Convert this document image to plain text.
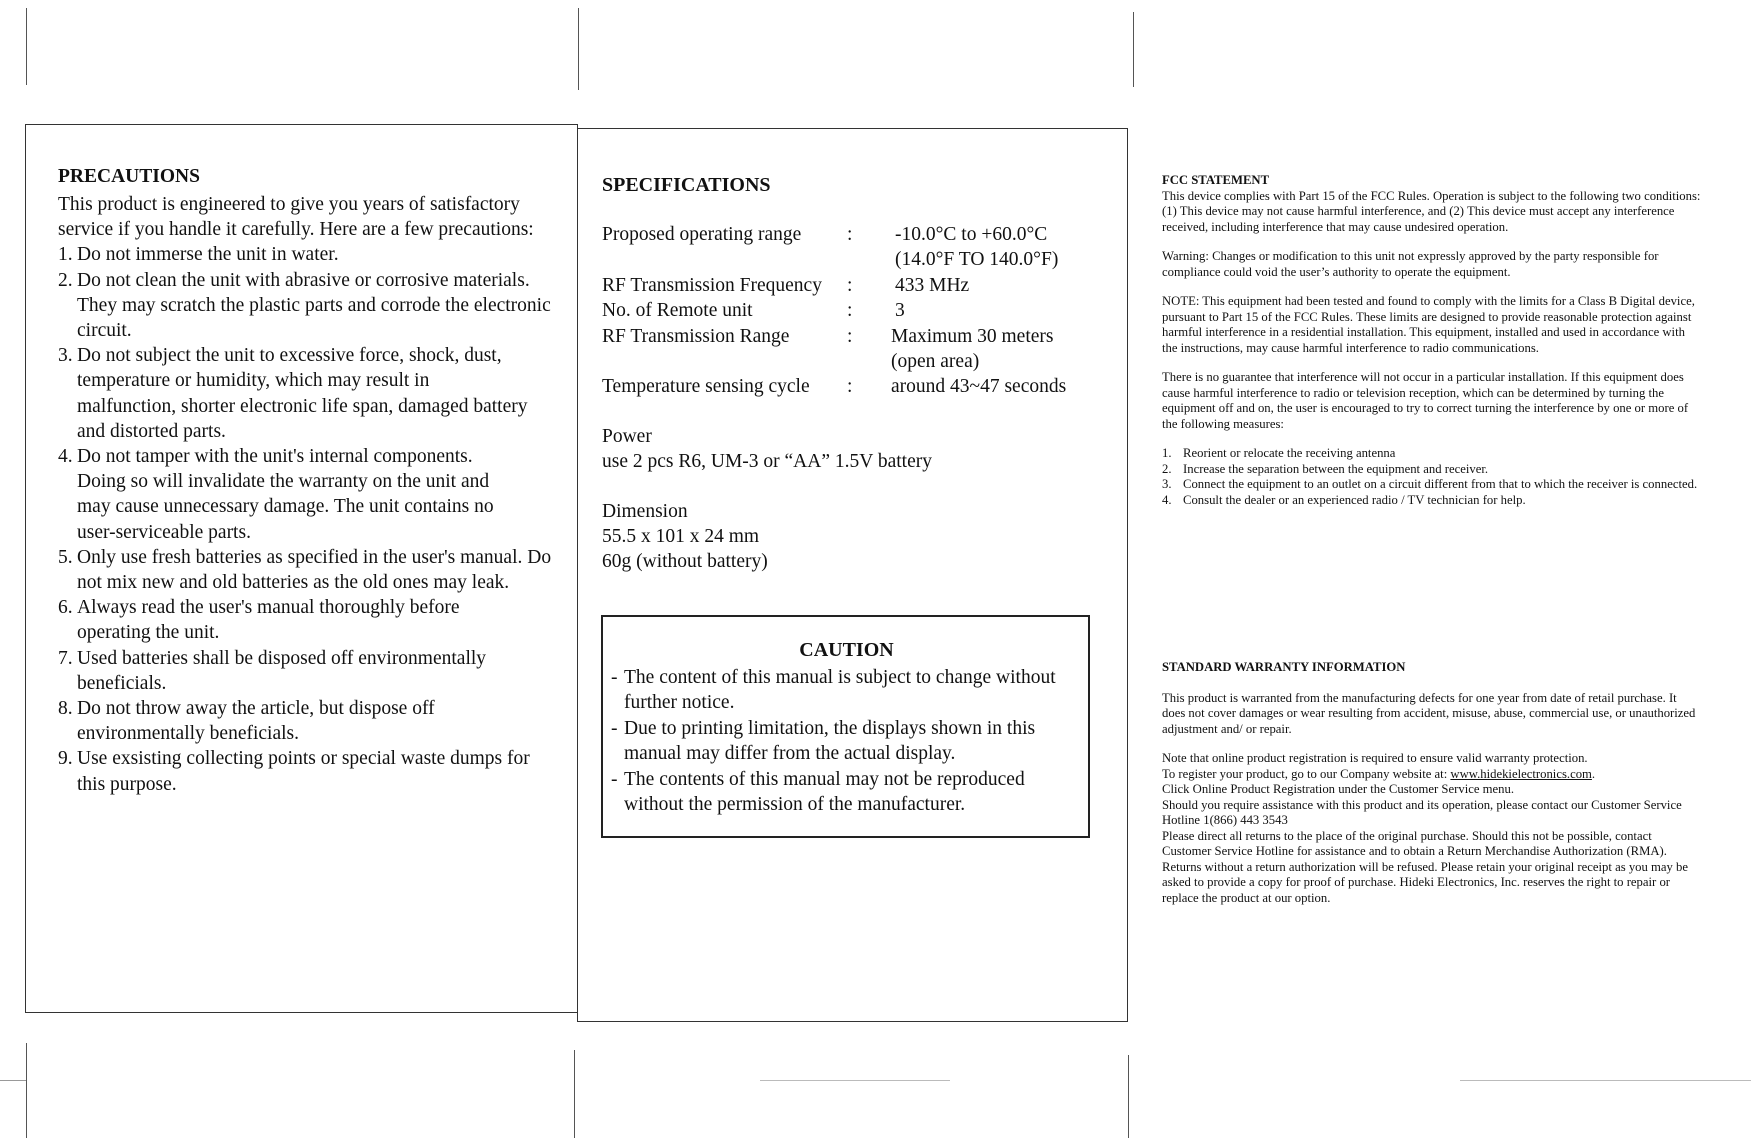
PRECAUTIONS

This product is engineered to give you years of satisfactory service if you handle it carefully. Here are a few precautions:

1. Do not immerse the unit in water.
2. Do not clean the unit with abrasive or corrosive materials. They may scratch the plastic parts and corrode the electronic circuit.
3. Do not subject the unit to excessive force, shock, dust, temperature or humidity, which may result in malfunction, shorter electronic life span, damaged battery and distorted parts.
4. Do not tamper with the unit's internal components. Doing so will invalidate the warranty on the unit and may cause unnecessary damage. The unit contains no user-serviceable parts.
5. Only use fresh batteries as specified in the user's manual. Do not mix new and old batteries as the old ones may leak.
6. Always read the user's manual thoroughly before operating the unit.
7. Used batteries shall be disposed off environmentally beneficials.
8. Do not throw away the article, but dispose off environmentally beneficials.
9. Use exsisting collecting points or special waste dumps for this purpose.
SPECIFICATIONS
Proposed operating range	:	-10.0°C to +60.0°C
(14.0°F TO 140.0°F)
RF Transmission Frequency	:	433 MHz
No. of Remote unit	:	3
RF Transmission Range	:	Maximum 30 meters
(open area)
Temperature sensing cycle	:	around 43~47 seconds
Power
use 2 pcs R6, UM-3 or “AA” 1.5V battery
Dimension
55.5 x 101 x 24 mm
60g (without battery)
CAUTION
- The content of this manual is subject to change without further notice.
- Due to printing limitation, the displays shown in this manual may differ from the actual display.
- The contents of this manual may not be reproduced without the permission of the manufacturer.
FCC STATEMENT

This device complies with Part 15 of the FCC Rules. Operation is subject to the following two conditions: (1) This device may not cause harmful interference, and (2) This device must accept any interference received, including interference that may cause undesired operation.

Warning: Changes or modification to this unit not expressly approved by the party responsible for compliance could void the user’s authority to operate the equipment.

NOTE: This equipment had been tested and found to comply with the limits for a Class B Digital device, pursuant to Part 15 of the FCC Rules. These limits are designed to provide reasonable protection against harmful interference in a residential installation. This equipment, installed and used in accordance with the instructions, may cause harmful interference to radio communications.

There is no guarantee that interference will not occur in a particular installation. If this equipment does cause harmful interference to radio or television reception, which can be determined by turning the equipment off and on, the user is encouraged to try to correct turning the interference by one or more of the following measures:

1. Reorient or relocate the receiving antenna
2. Increase the separation between the equipment and receiver.
3. Connect the equipment to an outlet on a circuit different from that to which the receiver is connected.
4. Consult the dealer or an experienced radio / TV technician for help.
STANDARD WARRANTY INFORMATION

This product is warranted from the manufacturing defects for one year from date of retail purchase. It does not cover damages or wear resulting from accident, misuse, abuse, commercial use, or unauthorized adjustment and/ or repair.

Note that online product registration is required to ensure valid warranty protection.
To register your product, go to our Company website at: www.hidekielectronics.com.
Click Online Product Registration under the Customer Service menu.
Should you require assistance with this product and its operation, please contact our Customer Service Hotline 1(866) 443 3543
Please direct all returns to the place of the original purchase. Should this not be possible, contact Customer Service Hotline for assistance and to obtain a Return Merchandise Authorization (RMA). Returns without a return authorization will be refused. Please retain your original receipt as you may be asked to provide a copy for proof of purchase. Hideki Electronics, Inc. reserves the right to repair or replace the product at our option.
